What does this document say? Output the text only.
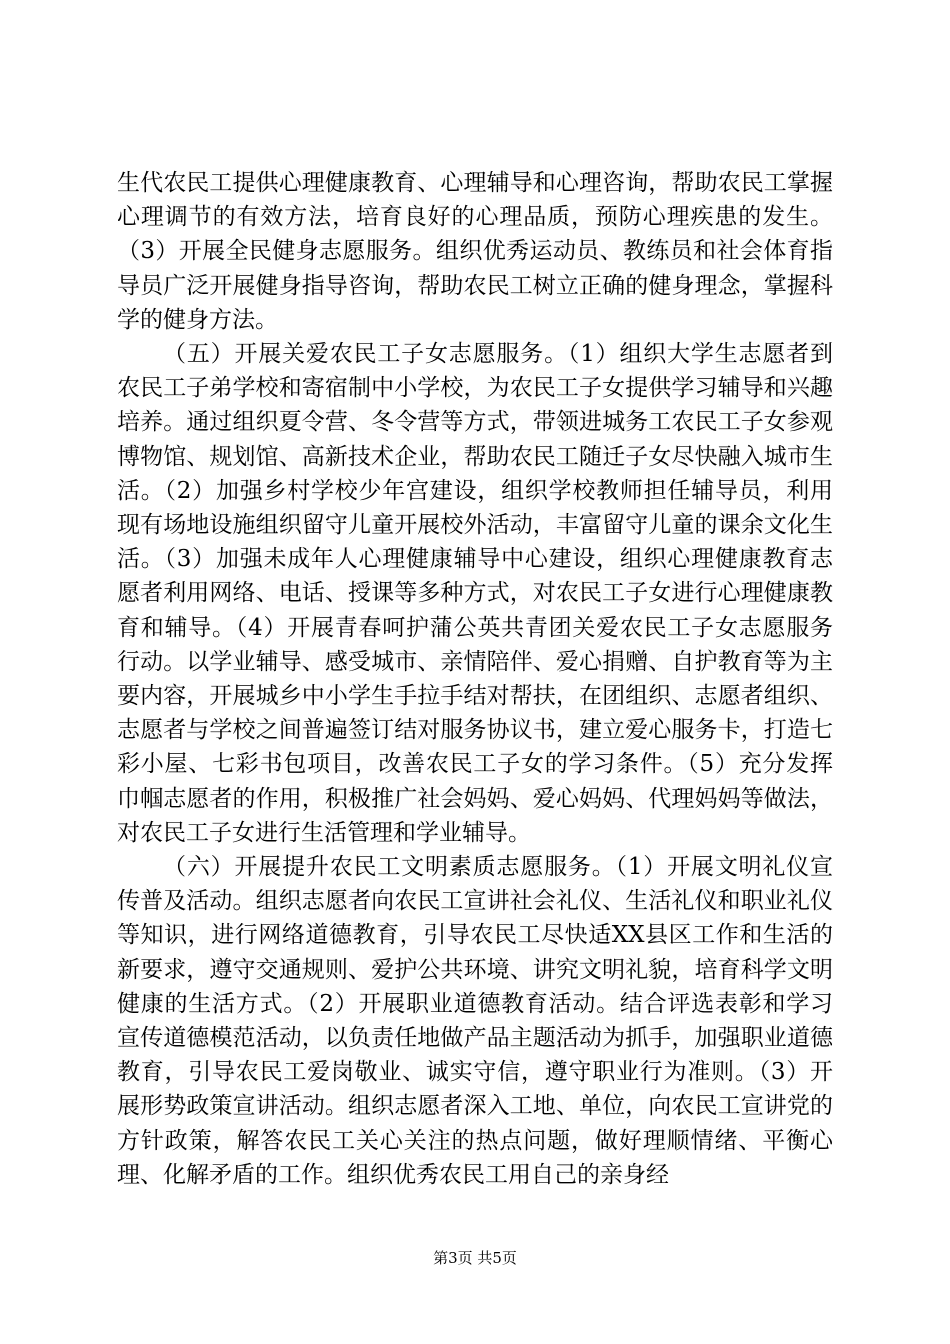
生代农民工提供心理健康教育、心理辅导和心理咨询，帮助农民工掌握心理调节的有效方法，培育良好的心理品质，预防心理疾患的发生。（3）开展全民健身志愿服务。组织优秀运动员、教练员和社会体育指导员广泛开展健身指导咨询，帮助农民工树立正确的健身理念，掌握科学的健身方法。

（五）开展关爱农民工子女志愿服务。（1）组织大学生志愿者到农民工子弟学校和寄宿制中小学校，为农民工子女提供学习辅导和兴趣培养。通过组织夏令营、冬令营等方式，带领进城务工农民工子女参观博物馆、规划馆、高新技术企业，帮助农民工随迁子女尽快融入城市生活。（2）加强乡村学校少年宫建设，组织学校教师担任辅导员，利用现有场地设施组织留守儿童开展校外活动，丰富留守儿童的课余文化生活。（3）加强未成年人心理健康辅导中心建设，组织心理健康教育志愿者利用网络、电话、授课等多种方式，对农民工子女进行心理健康教育和辅导。（4）开展青春呵护蒲公英共青团关爱农民工子女志愿服务行动。以学业辅导、感受城市、亲情陪伴、爱心捐赠、自护教育等为主要内容，开展城乡中小学生手拉手结对帮扶，在团组织、志愿者组织、志愿者与学校之间普遍签订结对服务协议书，建立爱心服务卡，打造七彩小屋、七彩书包项目，改善农民工子女的学习条件。（5）充分发挥巾帼志愿者的作用，积极推广社会妈妈、爱心妈妈、代理妈妈等做法，对农民工子女进行生活管理和学业辅导。

（六）开展提升农民工文明素质志愿服务。（1）开展文明礼仪宣传普及活动。组织志愿者向农民工宣讲社会礼仪、生活礼仪和职业礼仪等知识，进行网络道德教育，引导农民工尽快适XX县区工作和生活的新要求，遵守交通规则、爱护公共环境、讲究文明礼貌，培育科学文明健康的生活方式。（2）开展职业道德教育活动。结合评选表彰和学习宣传道德模范活动，以负责任地做产品主题活动为抓手，加强职业道德教育，引导农民工爱岗敬业、诚实守信，遵守职业行为准则。（3）开展形势政策宣讲活动。组织志愿者深入工地、单位，向农民工宣讲党的方针政策，解答农民工关心关注的热点问题，做好理顺情绪、平衡心理、化解矛盾的工作。组织优秀农民工用自己的亲身经

第3页 共5页
